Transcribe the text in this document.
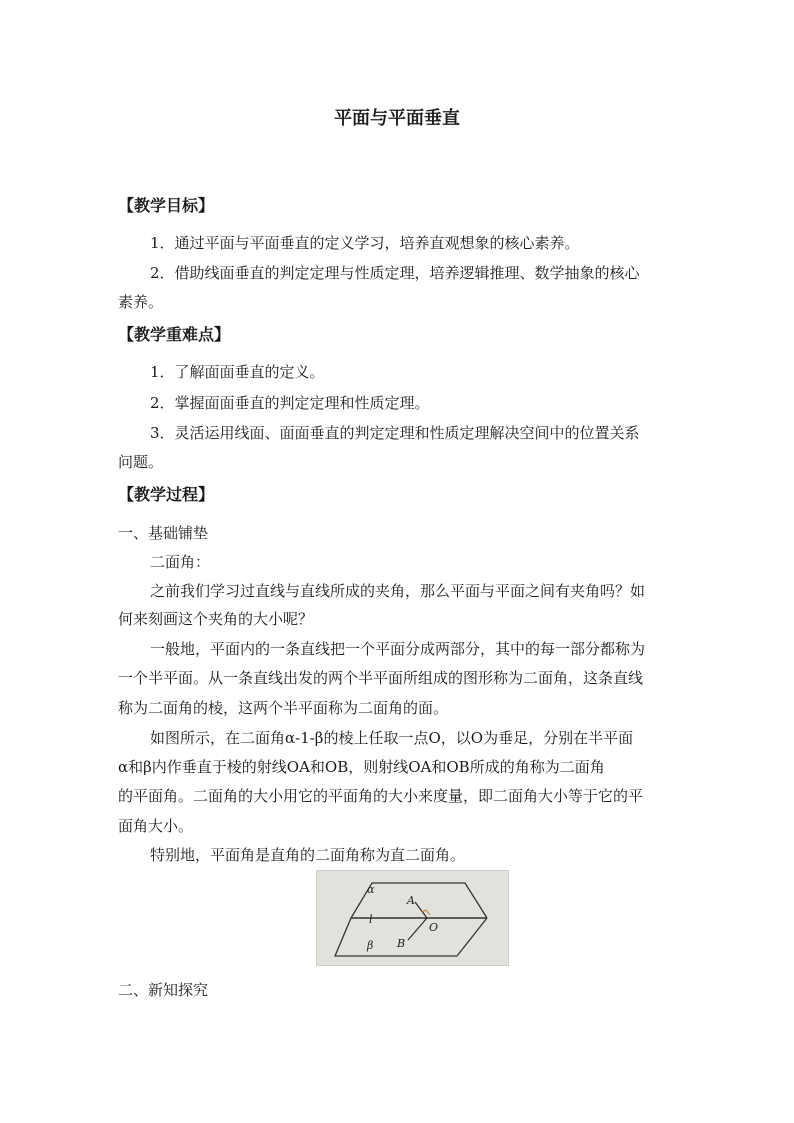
平面与平面垂直
【教学目标】
1．通过平面与平面垂直的定义学习，培养直观想象的核心素养。
2．借助线面垂直的判定定理与性质定理，培养逻辑推理、数学抽象的核心
素养。
【教学重难点】
1．了解面面垂直的定义。
2．掌握面面垂直的判定定理和性质定理。
3．灵活运用线面、面面垂直的判定定理和性质定理解决空间中的位置关系
问题。
【教学过程】
一、基础铺垫
二面角：
之前我们学习过直线与直线所成的夹角，那么平面与平面之间有夹角吗？如
何来刻画这个夹角的大小呢？
一般地，平面内的一条直线把一个平面分成两部分，其中的每一部分都称为
一个半平面。从一条直线出发的两个半平面所组成的图形称为二面角，这条直线
称为二面角的棱，这两个半平面称为二面角的面。
如图所示，在二面角α-1-β的棱上任取一点O，以O为垂足，分别在半平面
α和β内作垂直于棱的射线OA和OB，则射线OA和OB所成的角称为二面角
的平面角。二面角的大小用它的平面角的大小来度量，即二面角大小等于它的平
面角大小。
特别地，平面角是直角的二面角称为直二面角。
α
β
l
A
B
O
二、新知探究
